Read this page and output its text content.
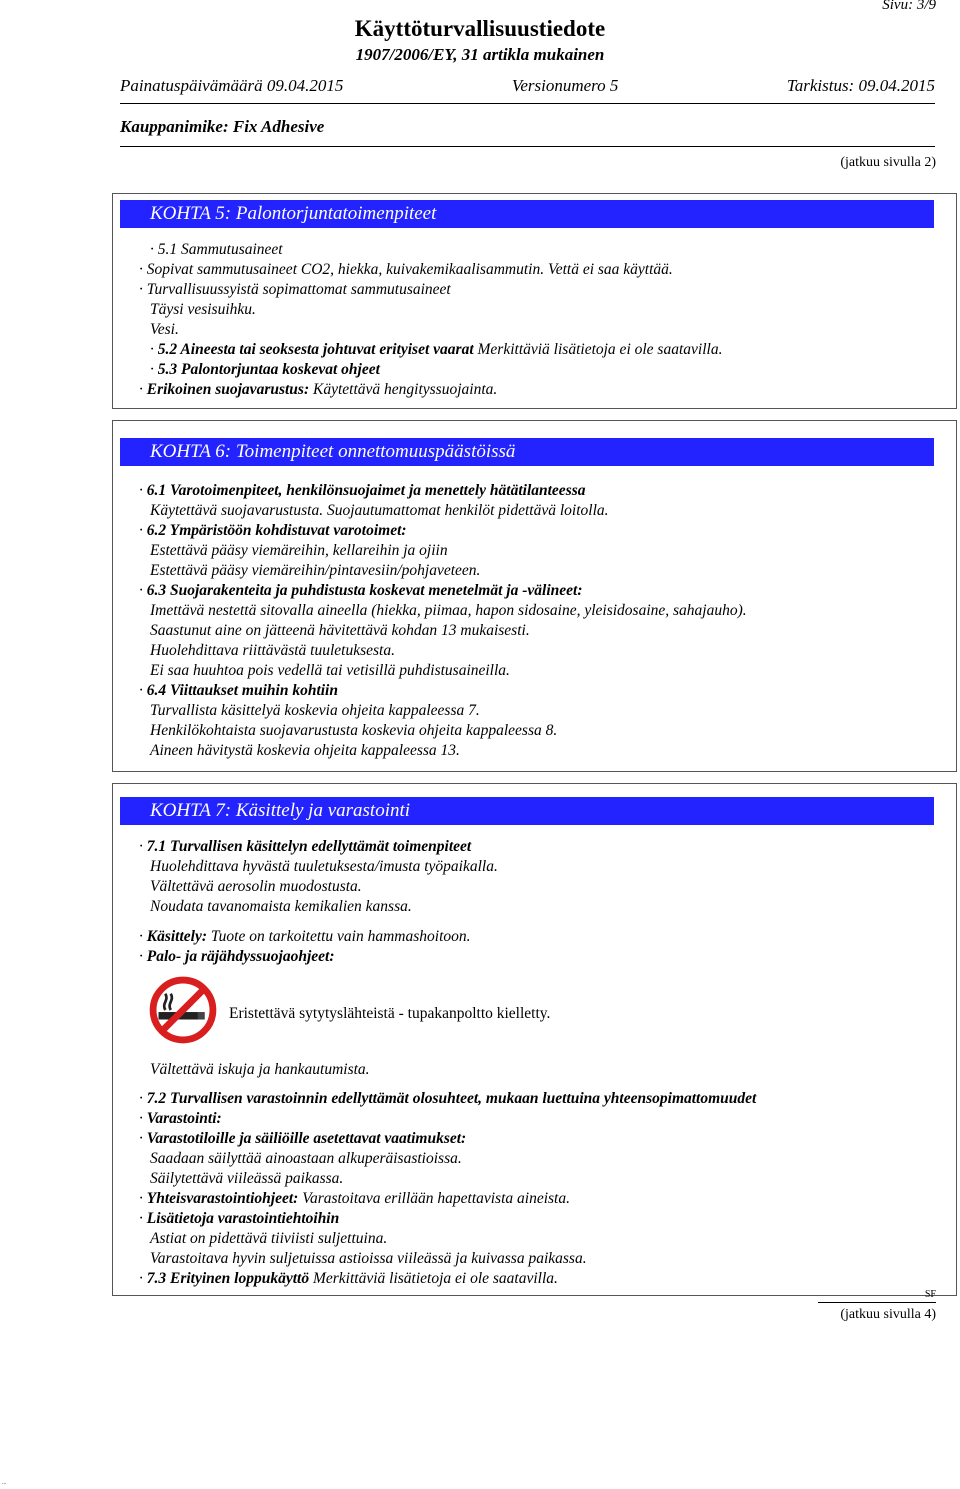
Sivu: 3/9
Käyttöturvallisuustiedote
1907/2006/EY, 31 artikla mukainen
Painatuspäivämäärä 09.04.2015	Versionumero 5	Tarkistus: 09.04.2015
Kauppanimike: Fix Adhesive
(jatkuu sivulla 2)
KOHTA 5: Palontorjuntatoimenpiteet
· 5.1 Sammutusaineet
· Sopivat sammutusaineet CO2, hiekka, kuivakemikaalisammutin. Vettä ei saa käyttää.
· Turvallisuussyistä sopimattomat sammutusaineet
Täysi vesisuihku.
Vesi.
· 5.2 Aineesta tai seoksesta johtuvat erityiset vaarat Merkittäviä lisätietoja ei ole saatavilla.
· 5.3 Palontorjuntaa koskevat ohjeet
· Erikoinen suojavarustus: Käytettävä hengityssuojainta.
KOHTA 6: Toimenpiteet onnettomuuspäästöissä
· 6.1 Varotoimenpiteet, henkilönsuojaimet ja menettely hätätilanteessa
Käytettävä suojavarustusta. Suojautumattomat henkilöt pidettävä loitolla.
· 6.2 Ympäristöön kohdistuvat varotoimet:
Estettävä pääsy viemäreihin, kellareihin ja ojiin
Estettävä pääsy viemäreihin/pintavesiin/pohjaveteen.
· 6.3 Suojarakenteita ja puhdistusta koskevat menetelmät ja -välineet:
Imettävä nestettä sitovalla aineella (hiekka, piimaa, hapon sidosaine, yleisidosaine, sahajauho).
Saastunut aine on jätteenä hävitettävä kohdan 13 mukaisesti.
Huolehdittava riittävästä tuuletuksesta.
Ei saa huuhtoa pois vedellä tai vetisillä puhdistusaineilla.
· 6.4 Viittaukset muihin kohtiin
Turvallista käsittelyä koskevia ohjeita kappaleessa 7.
Henkilökohtaista suojavarustusta koskevia ohjeita kappaleessa 8.
Aineen hävitystä koskevia ohjeita kappaleessa 13.
KOHTA 7: Käsittely ja varastointi
· 7.1 Turvallisen käsittelyn edellyttämät toimenpiteet
Huolehdittava hyvästä tuuletuksesta/imusta työpaikalla.
Vältettävä aerosolin muodostusta.
Noudata tavanomaista kemikalien kanssa.
· Käsittely: Tuote on tarkoitettu vain hammashoitoon.
· Palo- ja räjähdyssuojaohjeet:
Eristettävä sytytyslähteistä - tupakanpoltto kielletty.
Vältettävä iskuja ja hankautumista.
· 7.2 Turvallisen varastoinnin edellyttämät olosuhteet, mukaan luettuina yhteensopimattomuudet
· Varastointi:
· Varastotiloille ja säiliöille asetettavat vaatimukset:
Saadaan säilyttää ainoastaan alkuperäisastioissa.
Säilytettävä viileässä paikassa.
· Yhteisvarastointiohjeet: Varastoitava erillään hapettavista aineista.
· Lisätietoja varastointiehtoihin
Astiat on pidettävä tiiviisti suljettuina.
Varastoitava hyvin suljetuissa astioissa viileässä ja kuivassa paikassa.
· 7.3 Erityinen loppukäyttö Merkittäviä lisätietoja ei ole saatavilla.
SF
(jatkuu sivulla 4)
...
